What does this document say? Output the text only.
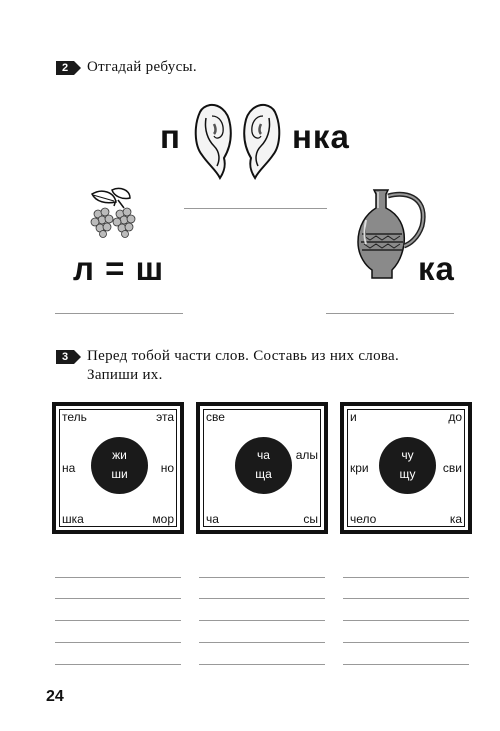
2	Отгадай ребусы.
п	нка
л = ш	ка
3	Перед тобой части слов. Составь из них слова.
Запиши их.
тель	эта
на	но
шка	мор
жи
ши
све
алы
ча	сы
ча
ща
и	до
кри	сви
чело	ка
чу
щу
24
